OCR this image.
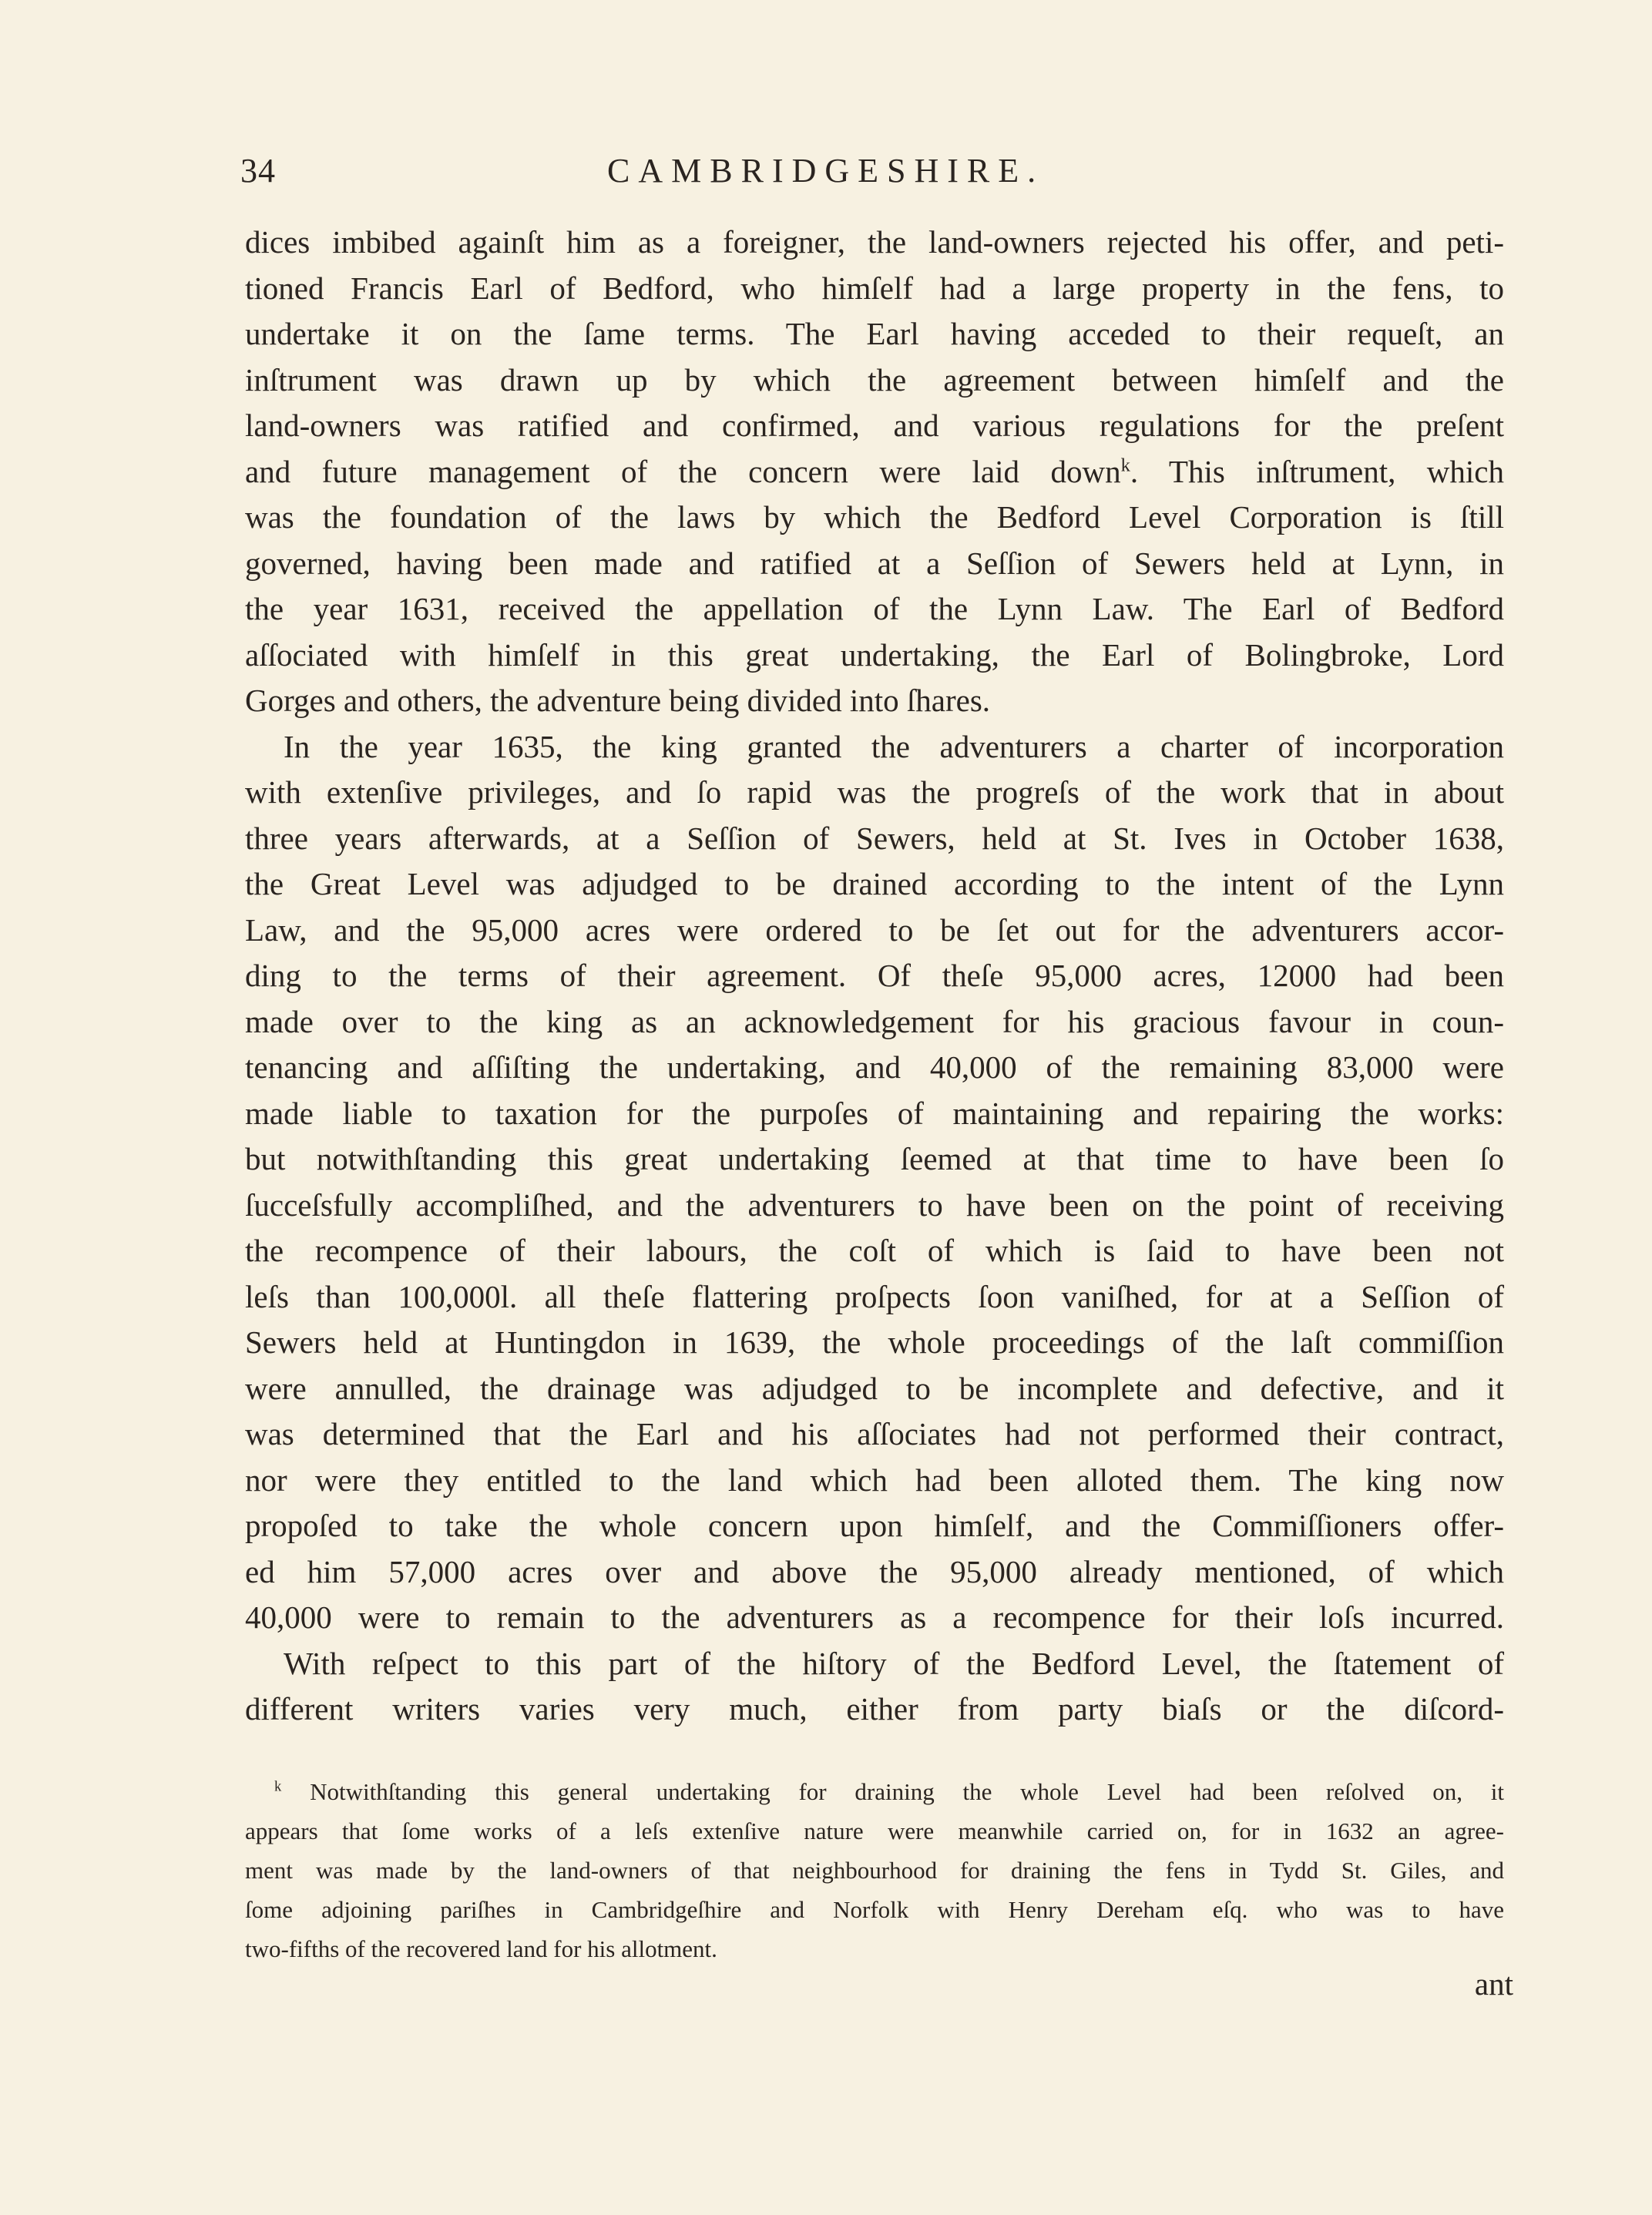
34	CAMBRIDGESHIRE.
dices imbibed againſt him as a foreigner, the land-owners rejected his offer, and peti-
tioned Francis Earl of Bedford, who himſelf had a large property in the fens, to
undertake it on the ſame terms. The Earl having acceded to their requeſt, an
inſtrument was drawn up by which the agreement between himſelf and the
land-owners was ratified and confirmed, and various regulations for the preſent
and future management of the concern were laid down$^k$. This inſtrument, which
was the foundation of the laws by which the Bedford Level Corporation is ſtill
governed, having been made and ratified at a Seſſion of Sewers held at Lynn, in
the year 1631, received the appellation of the Lynn Law. The Earl of Bedford
aſſociated with himſelf in this great undertaking, the Earl of Bolingbroke, Lord
Gorges and others, the adventure being divided into ſhares.
In the year 1635, the king granted the adventurers a charter of incorporation
with extenſive privileges, and ſo rapid was the progreſs of the work that in about
three years afterwards, at a Seſſion of Sewers, held at St. Ives in October 1638,
the Great Level was adjudged to be drained according to the intent of the Lynn
Law, and the 95,000 acres were ordered to be ſet out for the adventurers accor-
ding to the terms of their agreement. Of theſe 95,000 acres, 12000 had been
made over to the king as an acknowledgement for his gracious favour in coun-
tenancing and aſſiſting the undertaking, and 40,000 of the remaining 83,000 were
made liable to taxation for the purpoſes of maintaining and repairing the works:
but notwithſtanding this great undertaking ſeemed at that time to have been ſo
ſucceſsfully accompliſhed, and the adventurers to have been on the point of receiving
the recompence of their labours, the coſt of which is ſaid to have been not
leſs than 100,000l. all theſe flattering proſpects ſoon vaniſhed, for at a Seſſion of
Sewers held at Huntingdon in 1639, the whole proceedings of the laſt commiſſion
were annulled, the drainage was adjudged to be incomplete and defective, and it
was determined that the Earl and his aſſociates had not performed their contract,
nor were they entitled to the land which had been alloted them. The king now
propoſed to take the whole concern upon himſelf, and the Commiſſioners offer-
ed him 57,000 acres over and above the 95,000 already mentioned, of which
40,000 were to remain to the adventurers as a recompence for their loſs incurred.
With reſpect to this part of the hiſtory of the Bedford Level, the ſtatement of
different writers varies very much, either from party biaſs or the diſcord-
$^k$ Notwithſtanding this general undertaking for draining the whole Level had been reſolved on, it
appears that ſome works of a leſs extenſive nature were meanwhile carried on, for in 1632 an agree-
ment was made by the land-owners of that neighbourhood for draining the fens in Tydd St. Giles, and
ſome adjoining pariſhes in Cambridgeſhire and Norfolk with Henry Dereham eſq. who was to have
two-fifths of the recovered land for his allotment.
ant
